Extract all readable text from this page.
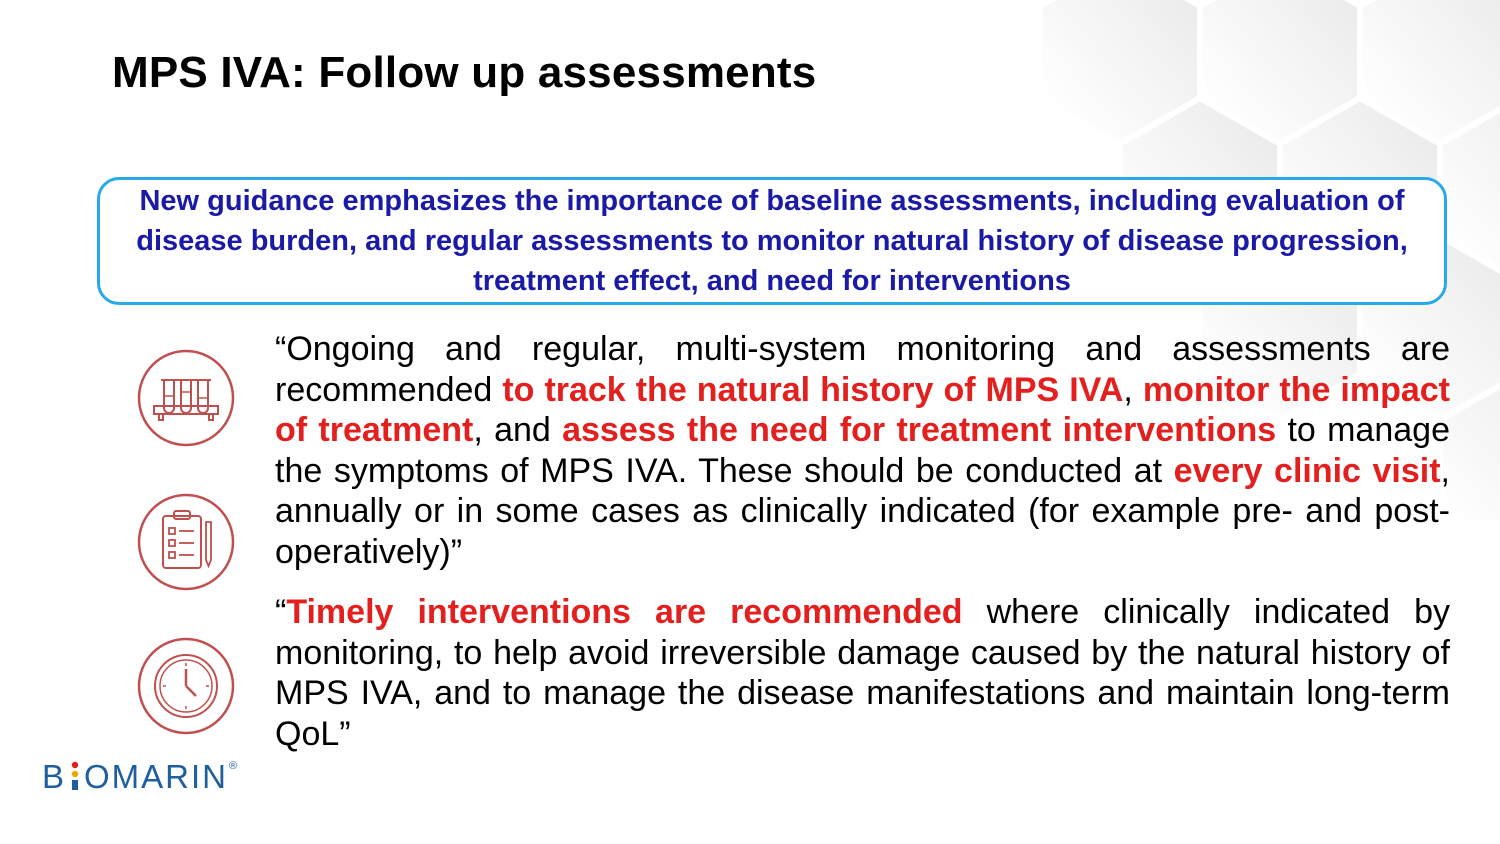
MPS IVA: Follow up assessments

New guidance emphasizes the importance of baseline assessments, including evaluation of disease burden, and regular assessments to monitor natural history of disease progression, treatment effect, and need for interventions

“Ongoing and regular, multi-system monitoring and assessments are recommended to track the natural history of MPS IVA, monitor the impact of treatment, and assess the need for treatment interventions to manage the symptoms of MPS IVA. These should be conducted at every clinic visit, annually or in some cases as clinically indicated (for example pre- and post-operatively)”

“Timely interventions are recommended where clinically indicated by monitoring, to help avoid irreversible damage caused by the natural history of MPS IVA, and to manage the disease manifestations and maintain long-term QoL”

B OMARIN ®
